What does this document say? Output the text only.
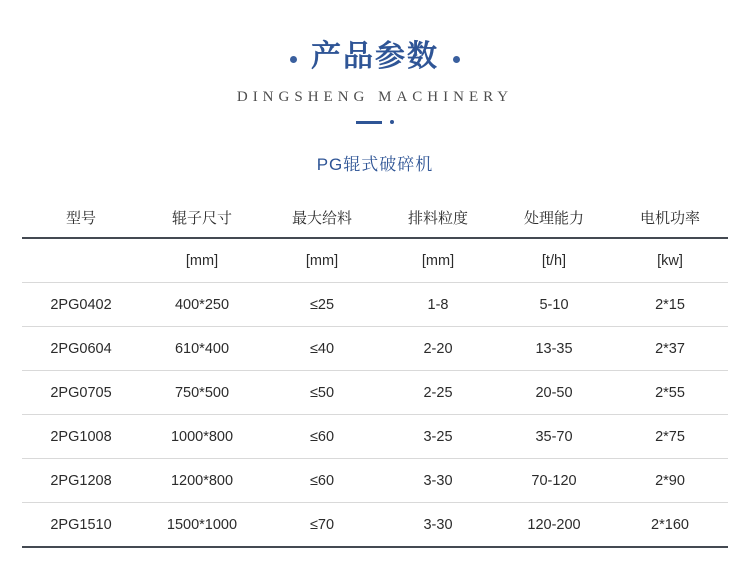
产品参数
DINGSHENG MACHINERY
PG辊式破碎机
型号	辊子尺寸	最大给料	排料粒度	处理能力	电机功率
	[mm]	[mm]	[mm]	[t/h]	[kw]
2PG0402	400*250	≤25	1-8	5-10	2*15
2PG0604	610*400	≤40	2-20	13-35	2*37
2PG0705	750*500	≤50	2-25	20-50	2*55
2PG1008	1000*800	≤60	3-25	35-70	2*75
2PG1208	1200*800	≤60	3-30	70-120	2*90
2PG1510	1500*1000	≤70	3-30	120-200	2*160
